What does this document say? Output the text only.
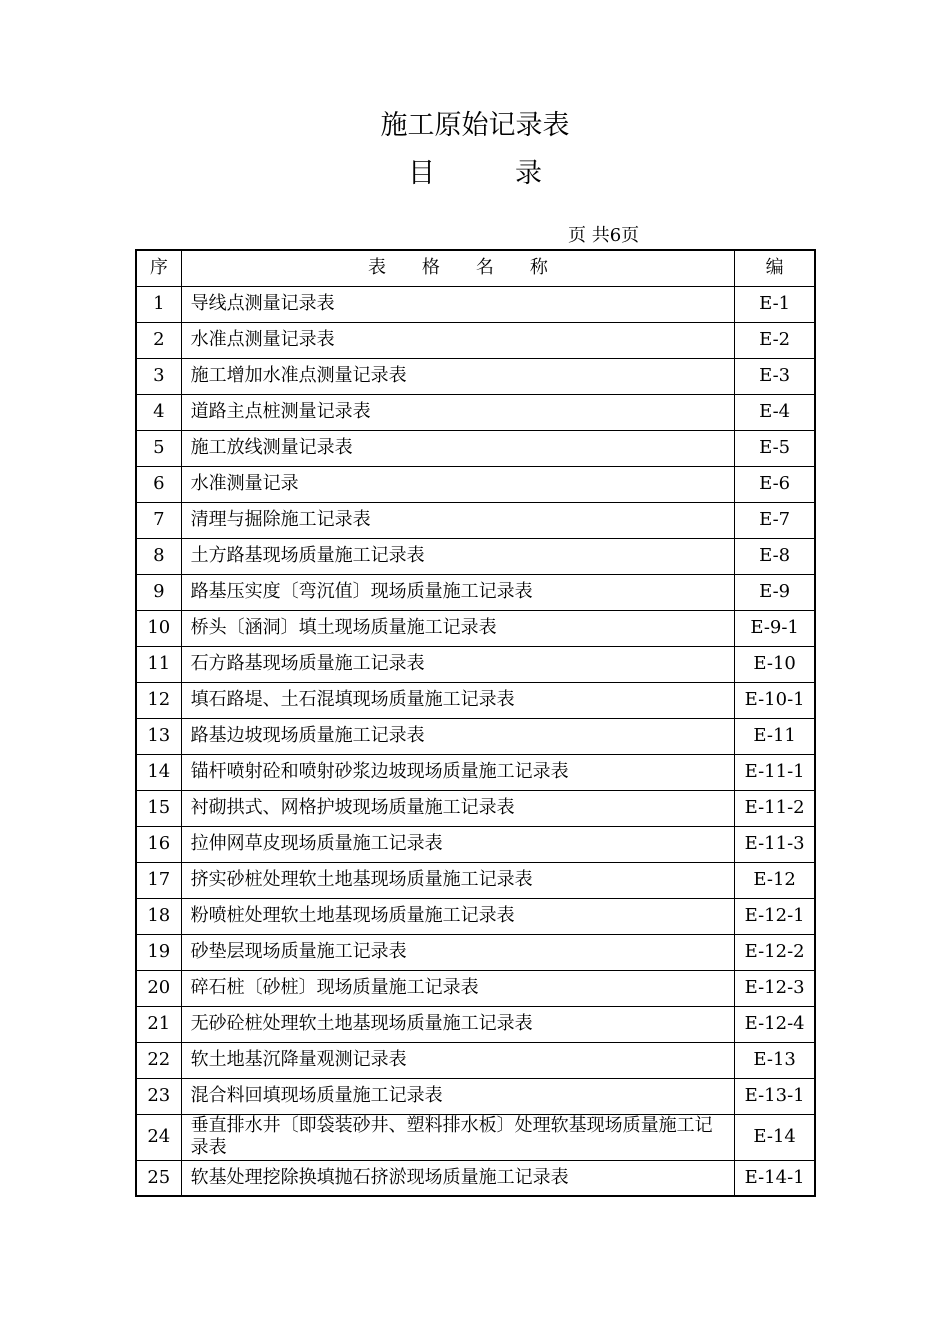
施工原始记录表
目	录
页 共6页
序	表　　格　　名　　称	编
1	导线点测量记录表	E-1
2	水准点测量记录表	E-2
3	施工增加水准点测量记录表	E-3
4	道路主点桩测量记录表	E-4
5	施工放线测量记录表	E-5
6	水准测量记录	E-6
7	清理与掘除施工记录表	E-7
8	土方路基现场质量施工记录表	E-8
9	路基压实度〔弯沉值〕现场质量施工记录表	E-9
10	桥头〔涵洞〕填土现场质量施工记录表	E-9-1
11	石方路基现场质量施工记录表	E-10
12	填石路堤、土石混填现场质量施工记录表	E-10-1
13	路基边坡现场质量施工记录表	E-11
14	锚杆喷射砼和喷射砂浆边坡现场质量施工记录表	E-11-1
15	衬砌拱式、网格护坡现场质量施工记录表	E-11-2
16	拉伸网草皮现场质量施工记录表	E-11-3
17	挤实砂桩处理软土地基现场质量施工记录表	E-12
18	粉喷桩处理软土地基现场质量施工记录表	E-12-1
19	砂垫层现场质量施工记录表	E-12-2
20	碎石桩〔砂桩〕现场质量施工记录表	E-12-3
21	无砂砼桩处理软土地基现场质量施工记录表	E-12-4
22	软土地基沉降量观测记录表	E-13
23	混合料回填现场质量施工记录表	E-13-1
24	垂直排水井〔即袋装砂井、塑料排水板〕处理软基现场质量施工记录表	E-14
25	软基处理挖除换填抛石挤淤现场质量施工记录表	E-14-1
